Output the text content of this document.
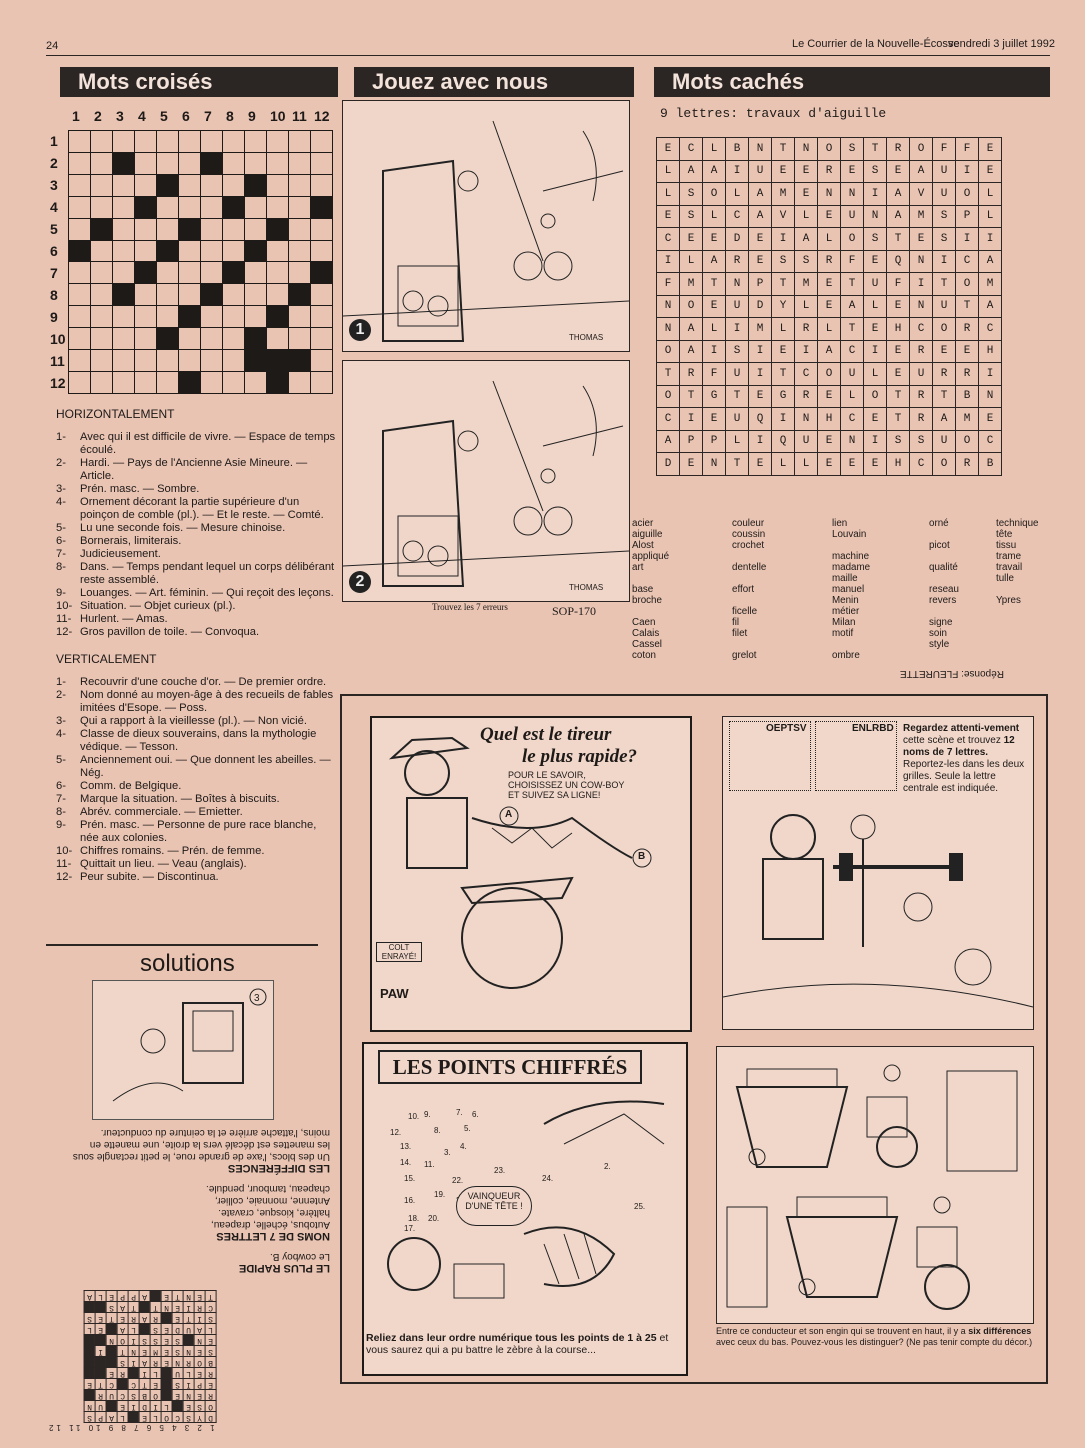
24	Le Courrier de la Nouvelle-Écosse
vendredi 3 juillet 1992
Mots croisés
1 2 3 4 5 6 7 8 9 10 11 12
1
2
3
4
5
6
7
8
9
10
11
12

HORIZONTALEMENT
1-	Avec qui il est difficile de vivre. — Espace de temps écoulé.
2-	Hardi. — Pays de l'Ancienne Asie Mineure. — Article.
3-	Prén. masc. — Sombre.
4-	Ornement décorant la partie supérieure d'un poinçon de comble (pl.). — Et le reste. — Comté.
5-	Lu une seconde fois. — Mesure chinoise.
6-	Bornerais, limiterais.
7-	Judicieusement.
8-	Dans. — Temps pendant lequel un corps délibérant reste assemblé.
9-	Louanges. — Art. féminin. — Qui reçoit des leçons.
10- Situation. — Objet curieux (pl.).
11- Hurlent. — Amas.
12- Gros pavillon de toile. — Convoqua.
VERTICALEMENT
1-	Recouvrir d'une couche d'or. — De premier ordre.
2-	Nom donné au moyen-âge à des recueils de fables imitées d'Esope. — Poss.
3-	Qui a rapport à la vieillesse (pl.). — Non vicié.
4-	Classe de dieux souverains, dans la mythologie védique. — Tesson.
5-	Anciennement oui. — Que donnent les abeilles. — Nég.
6-	Comm. de Belgique.
7-	Marque la situation. — Boîtes à biscuits.
8-	Abrév. commerciale. — Emietter.
9-	Prén. masc. — Personne de pure race blanche, née aux colonies.
10- Chiffres romains. — Prén. de femme.
11- Quittait un lieu. — Veau (anglais).
12- Peur subite. — Discontinua.
solutions
3
LE PLUS RAPIDE
Le cowboy B.
NOMS DE 7 LETTRES
Autobus, échelle, drapeau, haltère, kiosque, cravate. Antenne, monnaie, collier, chapeau, tambour, pendule.
LES DIFFÉRENCES
Un des blocs, l'axe de grande roue, le petit rectangle sous les manettes est décalé vers la droite, une manette en moins, l'attache arrière et la ceinture du conducteur.
1 2 3 4 5 6 7 8 9 10 11 12
D	Y	S	C	O	L	E		L	A	P	S
O	S	E		L	I	D	I	E		U	N
R	E	N	E		O	B	S	C	U	R	
E	P	I	S		E	T	C		C	T	E
R	E	L	U		L	I		R	E		
B	O	R	N	E	R	A	I	S			
S	E	N	S	E	M	E	N	T		I	
E	N		S	E	S	S	I	O	N		
L	A	U	D	E	S		L	A		E	L
S	I	T	E		R	A	R	E	T	E	S
C	R	I	E	N	T		T	A	S		
T	E	N	T	E		A	P	P	E	L	A
Jouez avec nous
1	THOMAS
2	THOMAS
Trouvez les 7 erreurs	SOP-170
Mots cachés
9 lettres: travaux d'aiguille
E	C	L	B	N	T	N	O	S	T	R	O	F	F	E
L	A	A	I	U	E	E	R	E	S	E	A	U	I	E
L	S	O	L	A	M	E	N	N	I	A	V	U	O	L
E	S	L	C	A	V	L	E	U	N	A	M	S	P	L
C	E	E	D	E	I	A	L	O	S	T	E	S	I	I
I	L	A	R	E	S	S	R	F	E	Q	N	I	C	A
F	M	T	N	P	T	M	E	T	U	F	I	T	O	M
N	O	E	U	D	Y	L	E	A	L	E	N	U	T	A
N	A	L	I	M	L	R	L	T	E	H	C	O	R	C
O	A	I	S	I	E	I	A	C	I	E	R	E	E	H
T	R	F	U	I	T	C	O	U	L	E	U	R	R	I
O	T	G	T	E	G	R	E	L	O	T	R	T	B	N
C	I	E	U	Q	I	N	H	C	E	T	R	A	M	E
A	P	P	L	I	Q	U	E	N	I	S	S	U	O	C
D	E	N	T	E	L	L	E	E	E	H	C	O	R	B
acier
aiguille
Alost
appliqué
art

base
broche

Caen
Calais
Cassel
coton
couleur
coussin
crochet

dentelle

effort

ficelle
fil
filet

grelot
lien
Louvain

machine
madame
maille
manuel
Menin
métier
Milan
motif

ombre
orné

picot

qualité

reseau
revers

signe
soin
style
technique
tête
tissu
trame
travail
tulle

Ypres
Réponse: FLEURETTE
Quel est le tireur
le plus rapide?
POUR LE SAVOIR, CHOISISSEZ UN COW-BOY ET SUIVEZ SA LIGNE!
A
B
COLT ENRAYÉ!
PAW
OEPTSV	ENLRBD Regardez attenti-vement cette scène et trouvez 12 noms de 7 lettres. Reportez-les dans les deux grilles. Seule la lettre centrale est indiquée.
LES POINTS CHIFFRÉS
10. 9.	7. 6.
12.	8.	5.
13.	4.
3.
14. 11.
15.	22.
23.
24.
2.
16.
19.
17.
18. 20.
25.
VAINQUEUR D'UNE TÊTE !
Reliez dans leur ordre numérique tous les points de 1 à 25 et vous saurez qui a pu battre le zèbre à la course...
Entre ce conducteur et son engin qui se trouvent en haut, il y a six différences avec ceux du bas. Pouvez-vous les distinguer? (Ne pas tenir compte du décor.)
